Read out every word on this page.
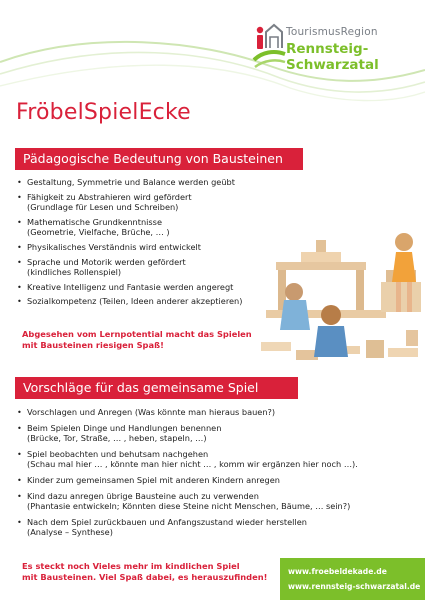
TourismusRegion
Rennsteig-
Schwarzatal
FröbelSpielEcke
Pädagogische Bedeutung von Bausteinen
• Gestaltung, Symmetrie und Balance werden geübt
• Fähigkeit zu Abstrahieren wird gefördert
(Grundlage für Lesen und Schreiben)
• Mathematische Grundkenntnisse
(Geometrie, Vielfache, Brüche, … )
• Physikalisches Verständnis wird entwickelt
• Sprache und Motorik werden gefördert
(kindliches Rollenspiel)
• Kreative Intelligenz und Fantasie werden angeregt
• Sozialkompetenz (Teilen, Ideen anderer akzeptieren)
Abgesehen vom Lernpotential macht das Spielen
mit Bausteinen riesigen Spaß!
Vorschläge für das gemeinsame Spiel
• Vorschlagen und Anregen (Was könnte man hieraus bauen?)
• Beim Spielen Dinge und Handlungen benennen
(Brücke, Tor, Straße, … , heben, stapeln, …)
• Spiel beobachten und behutsam nachgehen
(Schau mal hier … , könnte man hier nicht … , komm wir ergänzen hier noch …).
• Kinder zum gemeinsamen Spiel mit anderen Kindern anregen
• Kind dazu anregen übrige Bausteine auch zu verwenden
(Phantasie entwickeln; Könnten diese Steine nicht Menschen, Bäume, … sein?)
• Nach dem Spiel zurückbauen und Anfangszustand wieder herstellen
(Analyse – Synthese)
Es steckt noch Vieles mehr im kindlichen Spiel
mit Bausteinen. Viel Spaß dabei, es herauszufinden!
www.froebeldekade.de
www.rennsteig-schwarzatal.de
